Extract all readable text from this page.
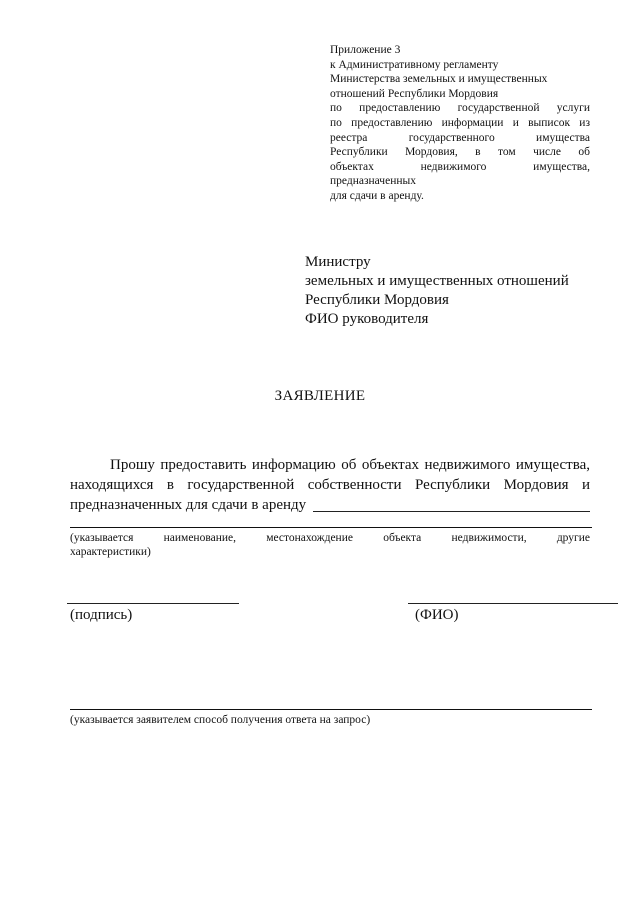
Приложение 3
к Административному регламенту
Министерства земельных и имущественных
отношений Республики Мордовия
по предоставлению государственной услуги
по предоставлению информации и выписок из
реестра государственного имущества
Республики Мордовия, в том числе об
объектах недвижимого имущества,
предназначенных
для сдачи в аренду.
Министру
земельных и имущественных отношений
Республики Мордовия
ФИО руководителя
ЗАЯВЛЕНИЕ
Прошу предоставить информацию об объектах недвижимого имущества,
находящихся в государственной собственности Республики Мордовия и
предназначенных для сдачи в аренду
(указывается наименование, местонахождение объекта недвижимости, другие
характеристики)
(подпись)	(ФИО)
(указывается заявителем способ получения ответа на запрос)
